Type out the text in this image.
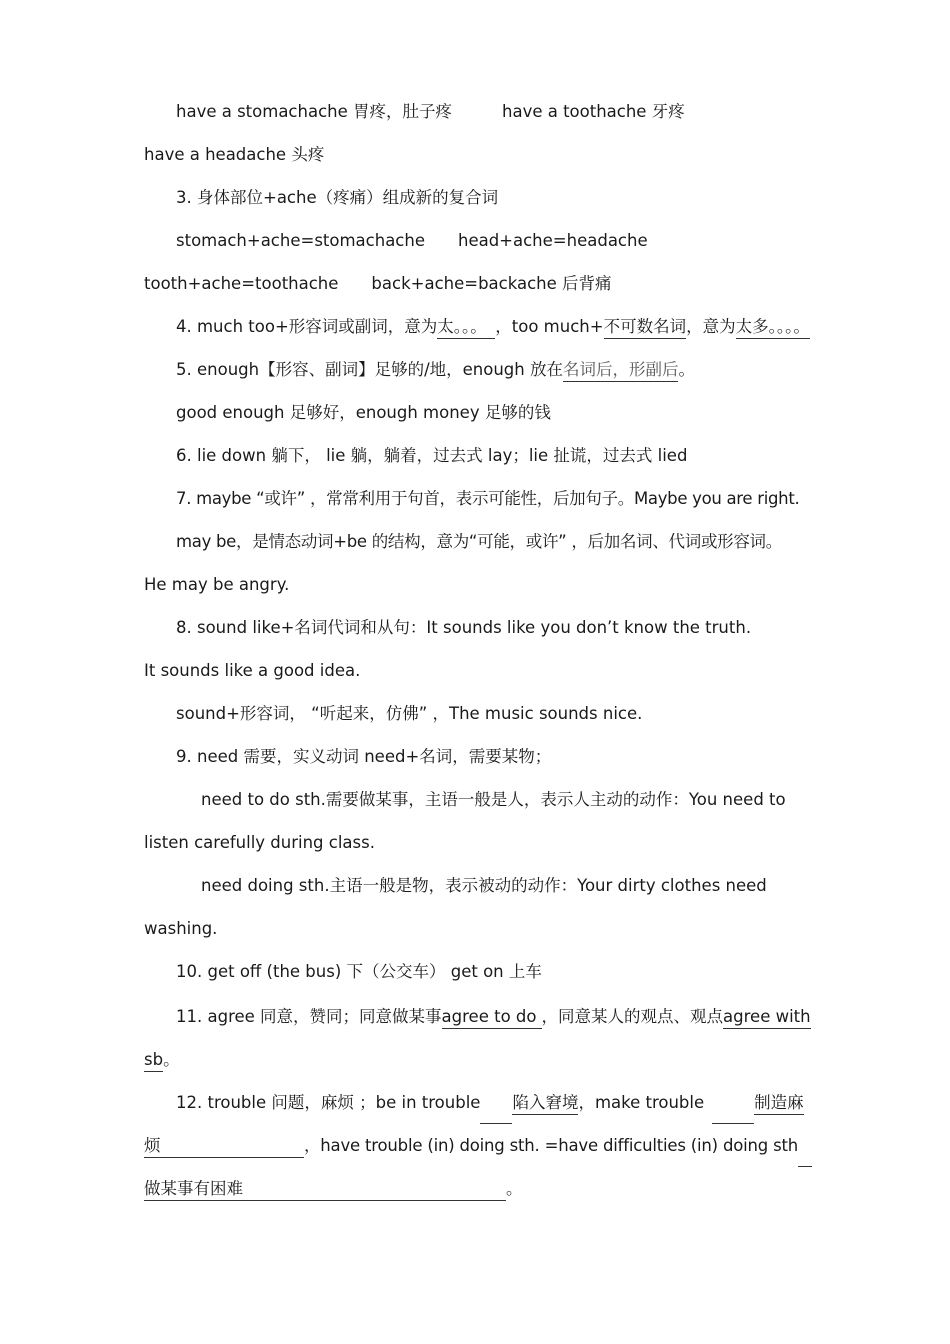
have a stomachache 胃疼，肚子疼	have a toothache 牙疼
have a headache 头疼
3. 身体部位+ache（疼痛）组成新的复合词
stomach+ache=stomachache head+ache=headache
tooth+ache=toothache back+ache=backache 后背痛
4. much too+形容词或副词，意为太。。。 ，too much+不可数名词，意为太多。。。。
5. enough【形容、副词】足够的/地，enough 放在名词后，形副后。
good enough 足够好，enough money 足够的钱
6. lie down 躺下， lie 躺，躺着，过去式 lay；lie 扯谎，过去式 lied
7. maybe “或许” ，常常利用于句首，表示可能性，后加句子。Maybe you are right.
may be，是情态动词+be 的结构，意为“可能，或许” ，后加名词、代词或形容词。
He may be angry.
8. sound like+名词代词和从句：It sounds like you don’t know the truth.
It sounds like a good idea.
sound+形容词， “听起来，仿佛” ，The music sounds nice.
9. need 需要，实义动词 need+名词，需要某物；
need to do sth.需要做某事，主语一般是人，表示人主动的动作：You need to
listen carefully during class.
need doing sth.主语一般是物，表示被动的动作：Your dirty clothes need
washing.
10. get off (the bus) 下（公交车） get on 上车
11. agree 同意，赞同；同意做某事agree to do ，同意某人的观点、观点agree with
sb。
12. trouble 问题，麻烦 ；be in trouble 陷入窘境，make trouble	制造麻
烦	，have trouble (in) doing sth. =have difficulties (in) doing sth
做某事有困难	。
